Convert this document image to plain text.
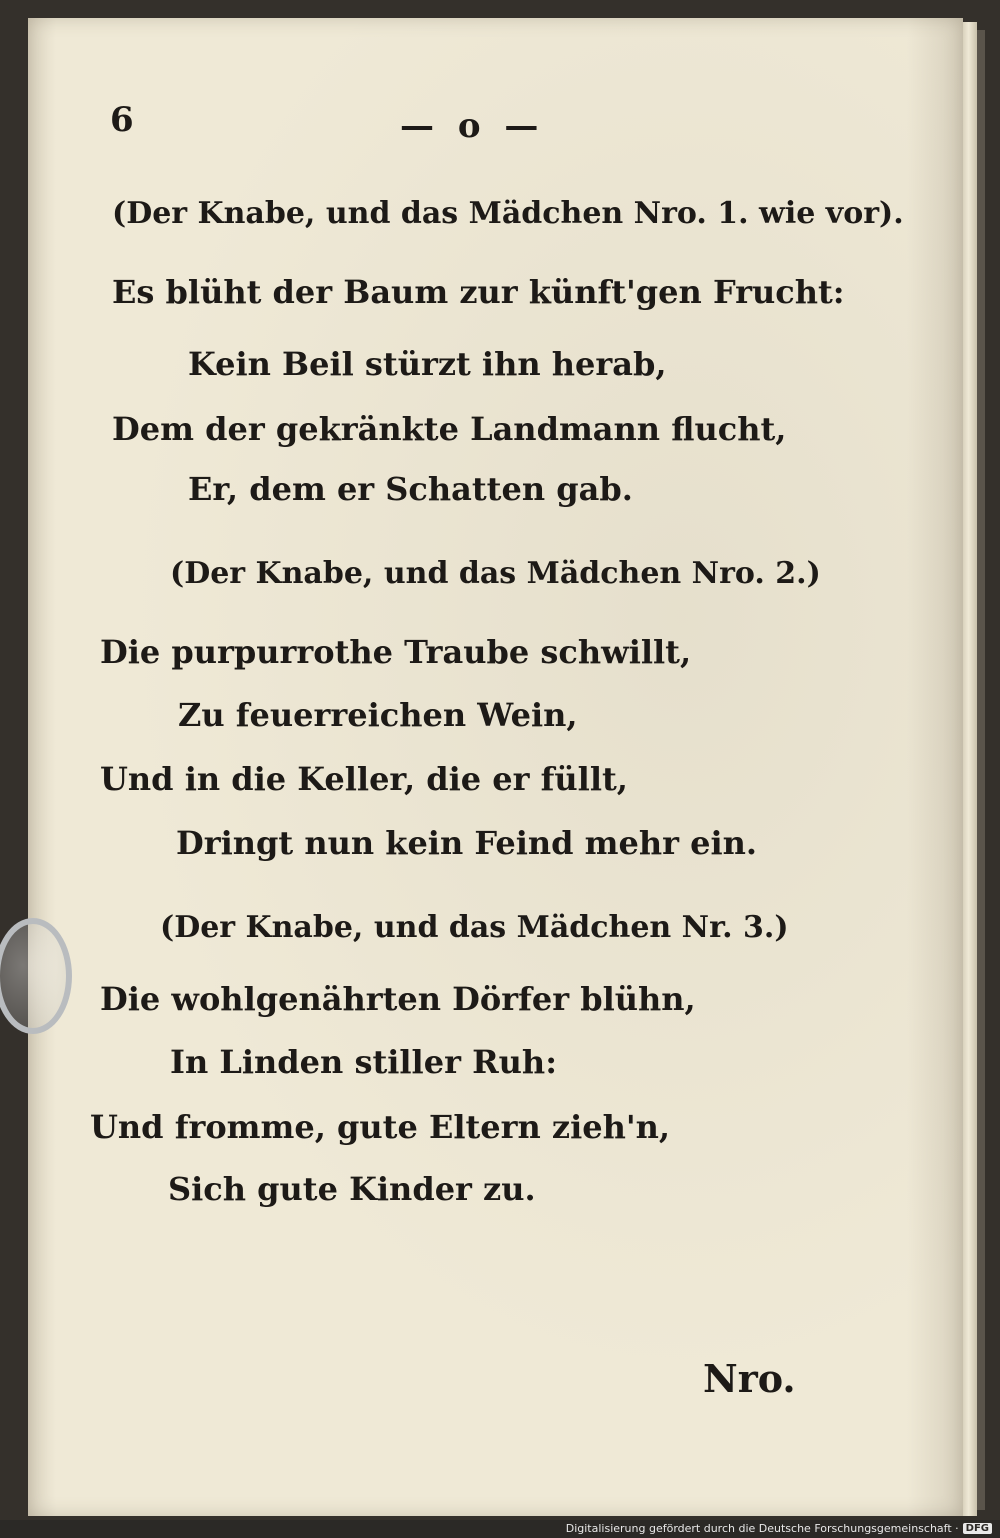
6	— o —
(Der Knabe, und das Mädchen Nro. 1. wie vor).
Es blüht der Baum zur künft'gen Frucht:
Kein Beil stürzt ihn herab,
Dem der gekränkte Landmann flucht,
Er, dem er Schatten gab.
(Der Knabe, und das Mädchen Nro. 2.)
Die purpurrothe Traube schwillt,
Zu feuerreichen Wein,
Und in die Keller, die er füllt,
Dringt nun kein Feind mehr ein.
(Der Knabe, und das Mädchen Nr. 3.)
Die wohlgenährten Dörfer blühn,
In Linden stiller Ruh:
Und fromme, gute Eltern zieh'n,
Sich gute Kinder zu.
Nro.
Digitalisierung gefördert durch die Deutsche Forschungsgemeinschaft · DFG
